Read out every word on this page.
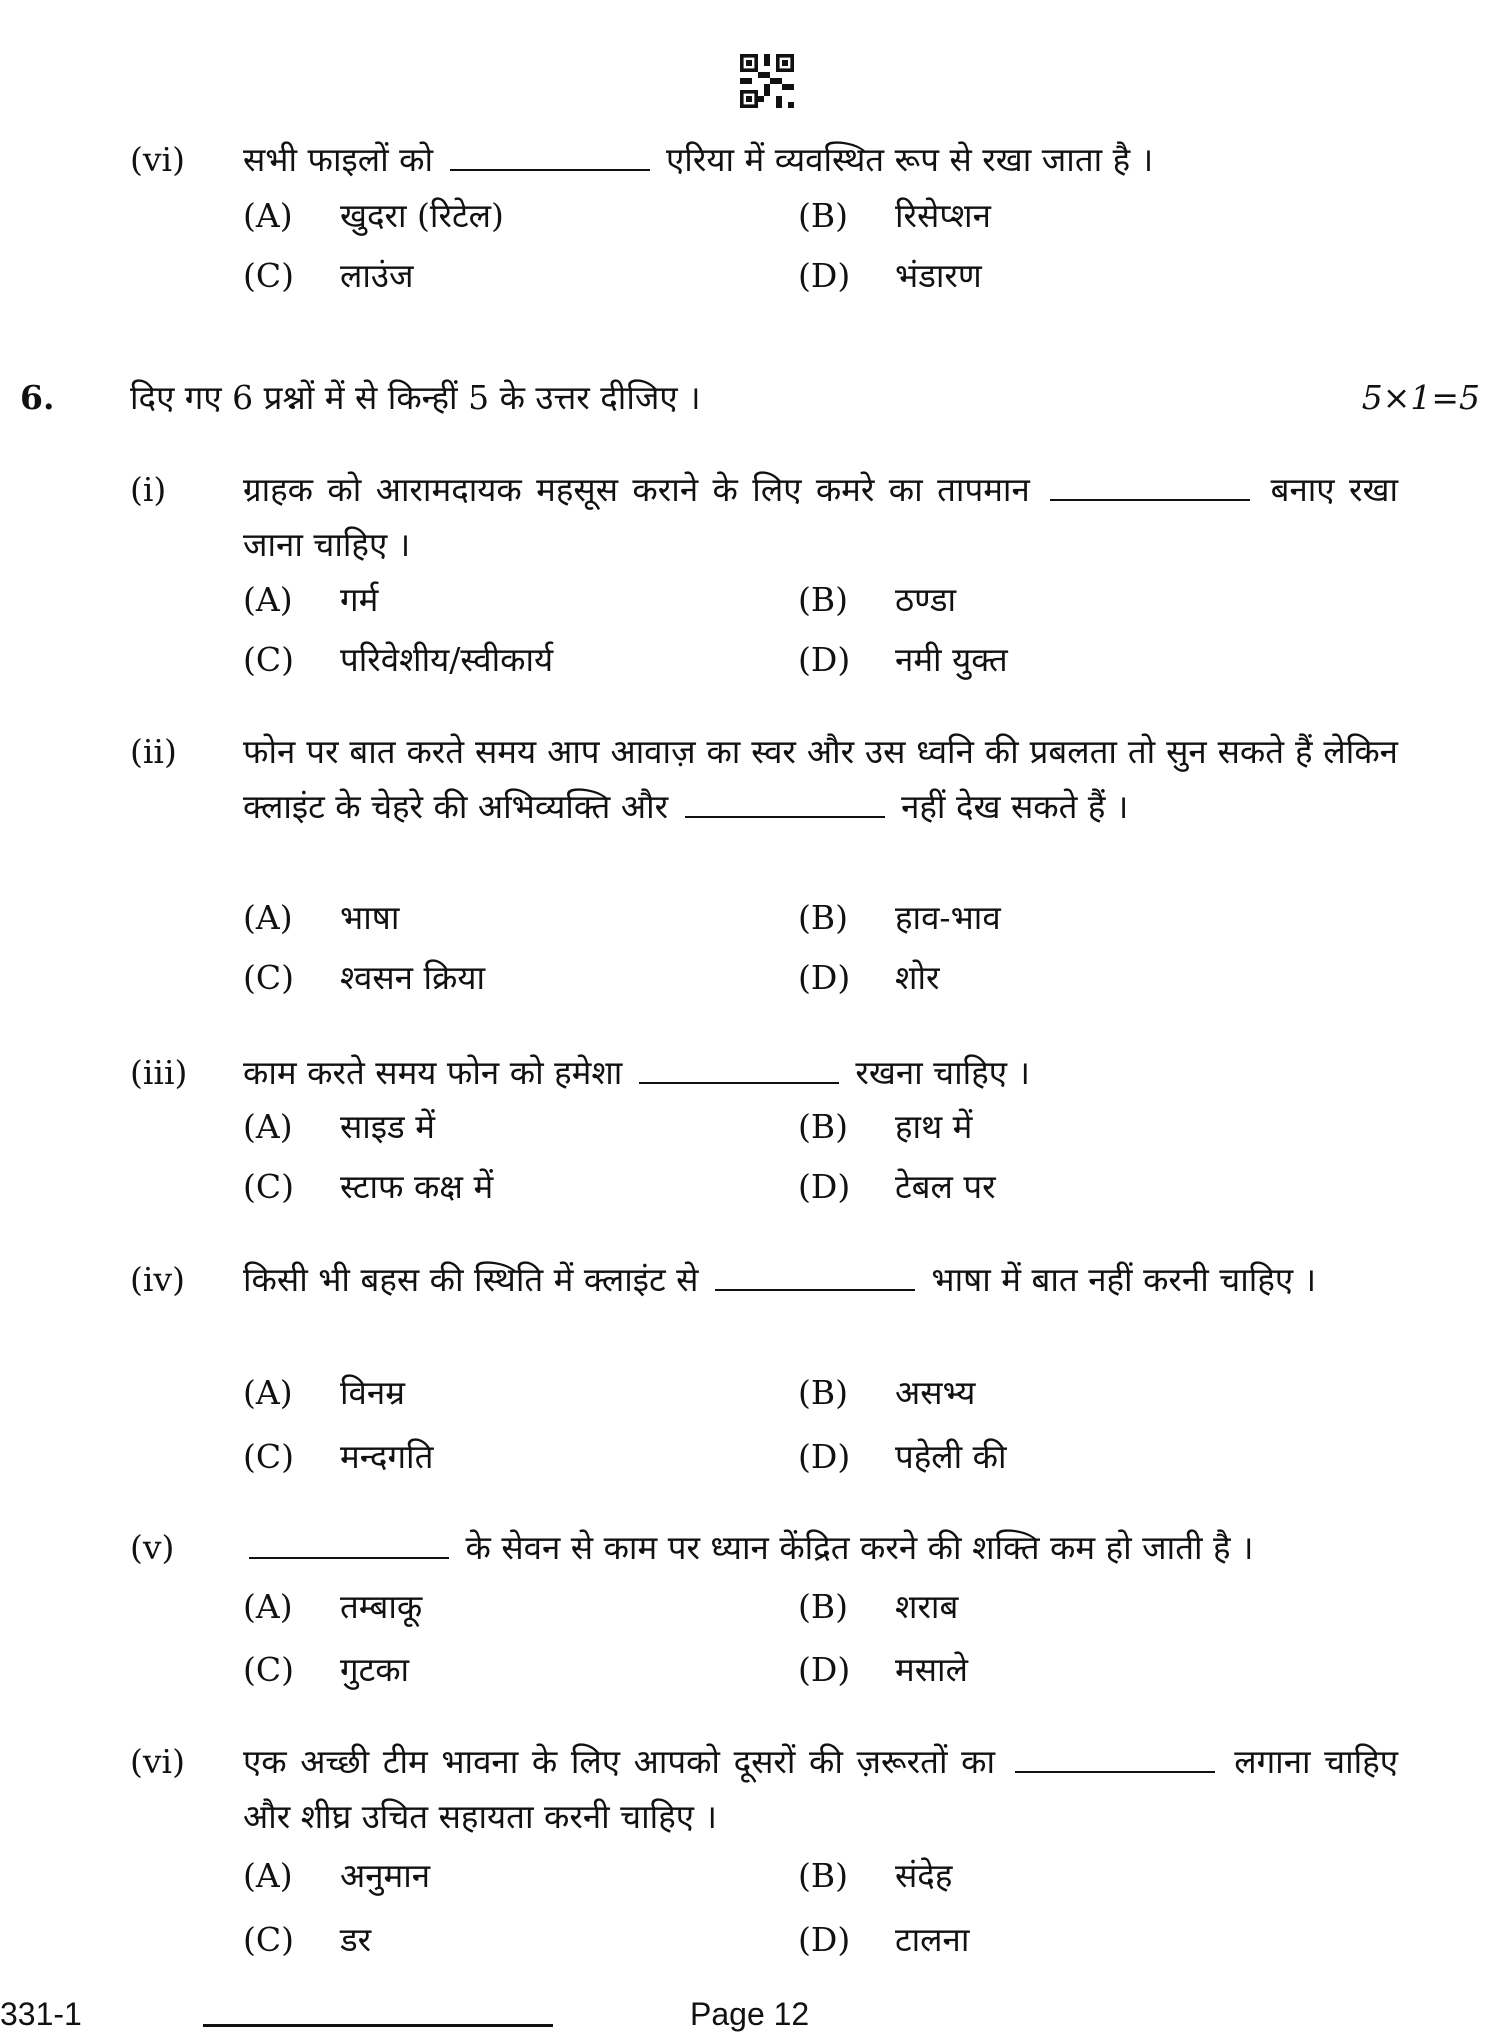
(vi) सभी फाइलों को	एरिया में व्यवस्थित रूप से रखा जाता है ।
(A) खुदरा (रिटेल)	(B) रिसेप्शन
(C) लाउंज	(D) भंडारण
(i) ग्राहक को आरामदायक महसूस कराने के लिए कमरे का तापमान	बनाए रखा जाना चाहिए ।
(A) गर्म	(B) ठण्डा
(C) परिवेशीय/स्वीकार्य	(D) नमी युक्त
(ii) फोन पर बात करते समय आप आवाज़ का स्वर और उस ध्वनि की प्रबलता तो सुन सकते हैं लेकिन क्लाइंट के चेहरे की अभिव्यक्ति और	नहीं देख सकते हैं ।
(A) भाषा	(B) हाव-भाव
(C) श्वसन क्रिया	(D) शोर
(iii) काम करते समय फोन को हमेशा	रखना चाहिए ।
(A) साइड में	(B) हाथ में
(C) स्टाफ कक्ष में	(D) टेबल पर
(iv) किसी भी बहस की स्थिति में क्लाइंट से	भाषा में बात नहीं करनी चाहिए ।
(A) विनम्र	(B) असभ्य
(C) मन्दगति	(D) पहेली की
(v)	के सेवन से काम पर ध्यान केंद्रित करने की शक्ति कम हो जाती है ।
(A) तम्बाकू	(B) शराब
(C) गुटका	(D) मसाले
(vi) एक अच्छी टीम भावना के लिए आपको दूसरों की ज़रूरतों का	लगाना चाहिए और शीघ्र उचित सहायता करनी चाहिए ।
(A) अनुमान	(B) संदेह
(C) डर	(D) टालना
6. दिए गए 6 प्रश्नों में से किन्हीं 5 के उत्तर दीजिए ।	5×1=5
331-1	Page 12
